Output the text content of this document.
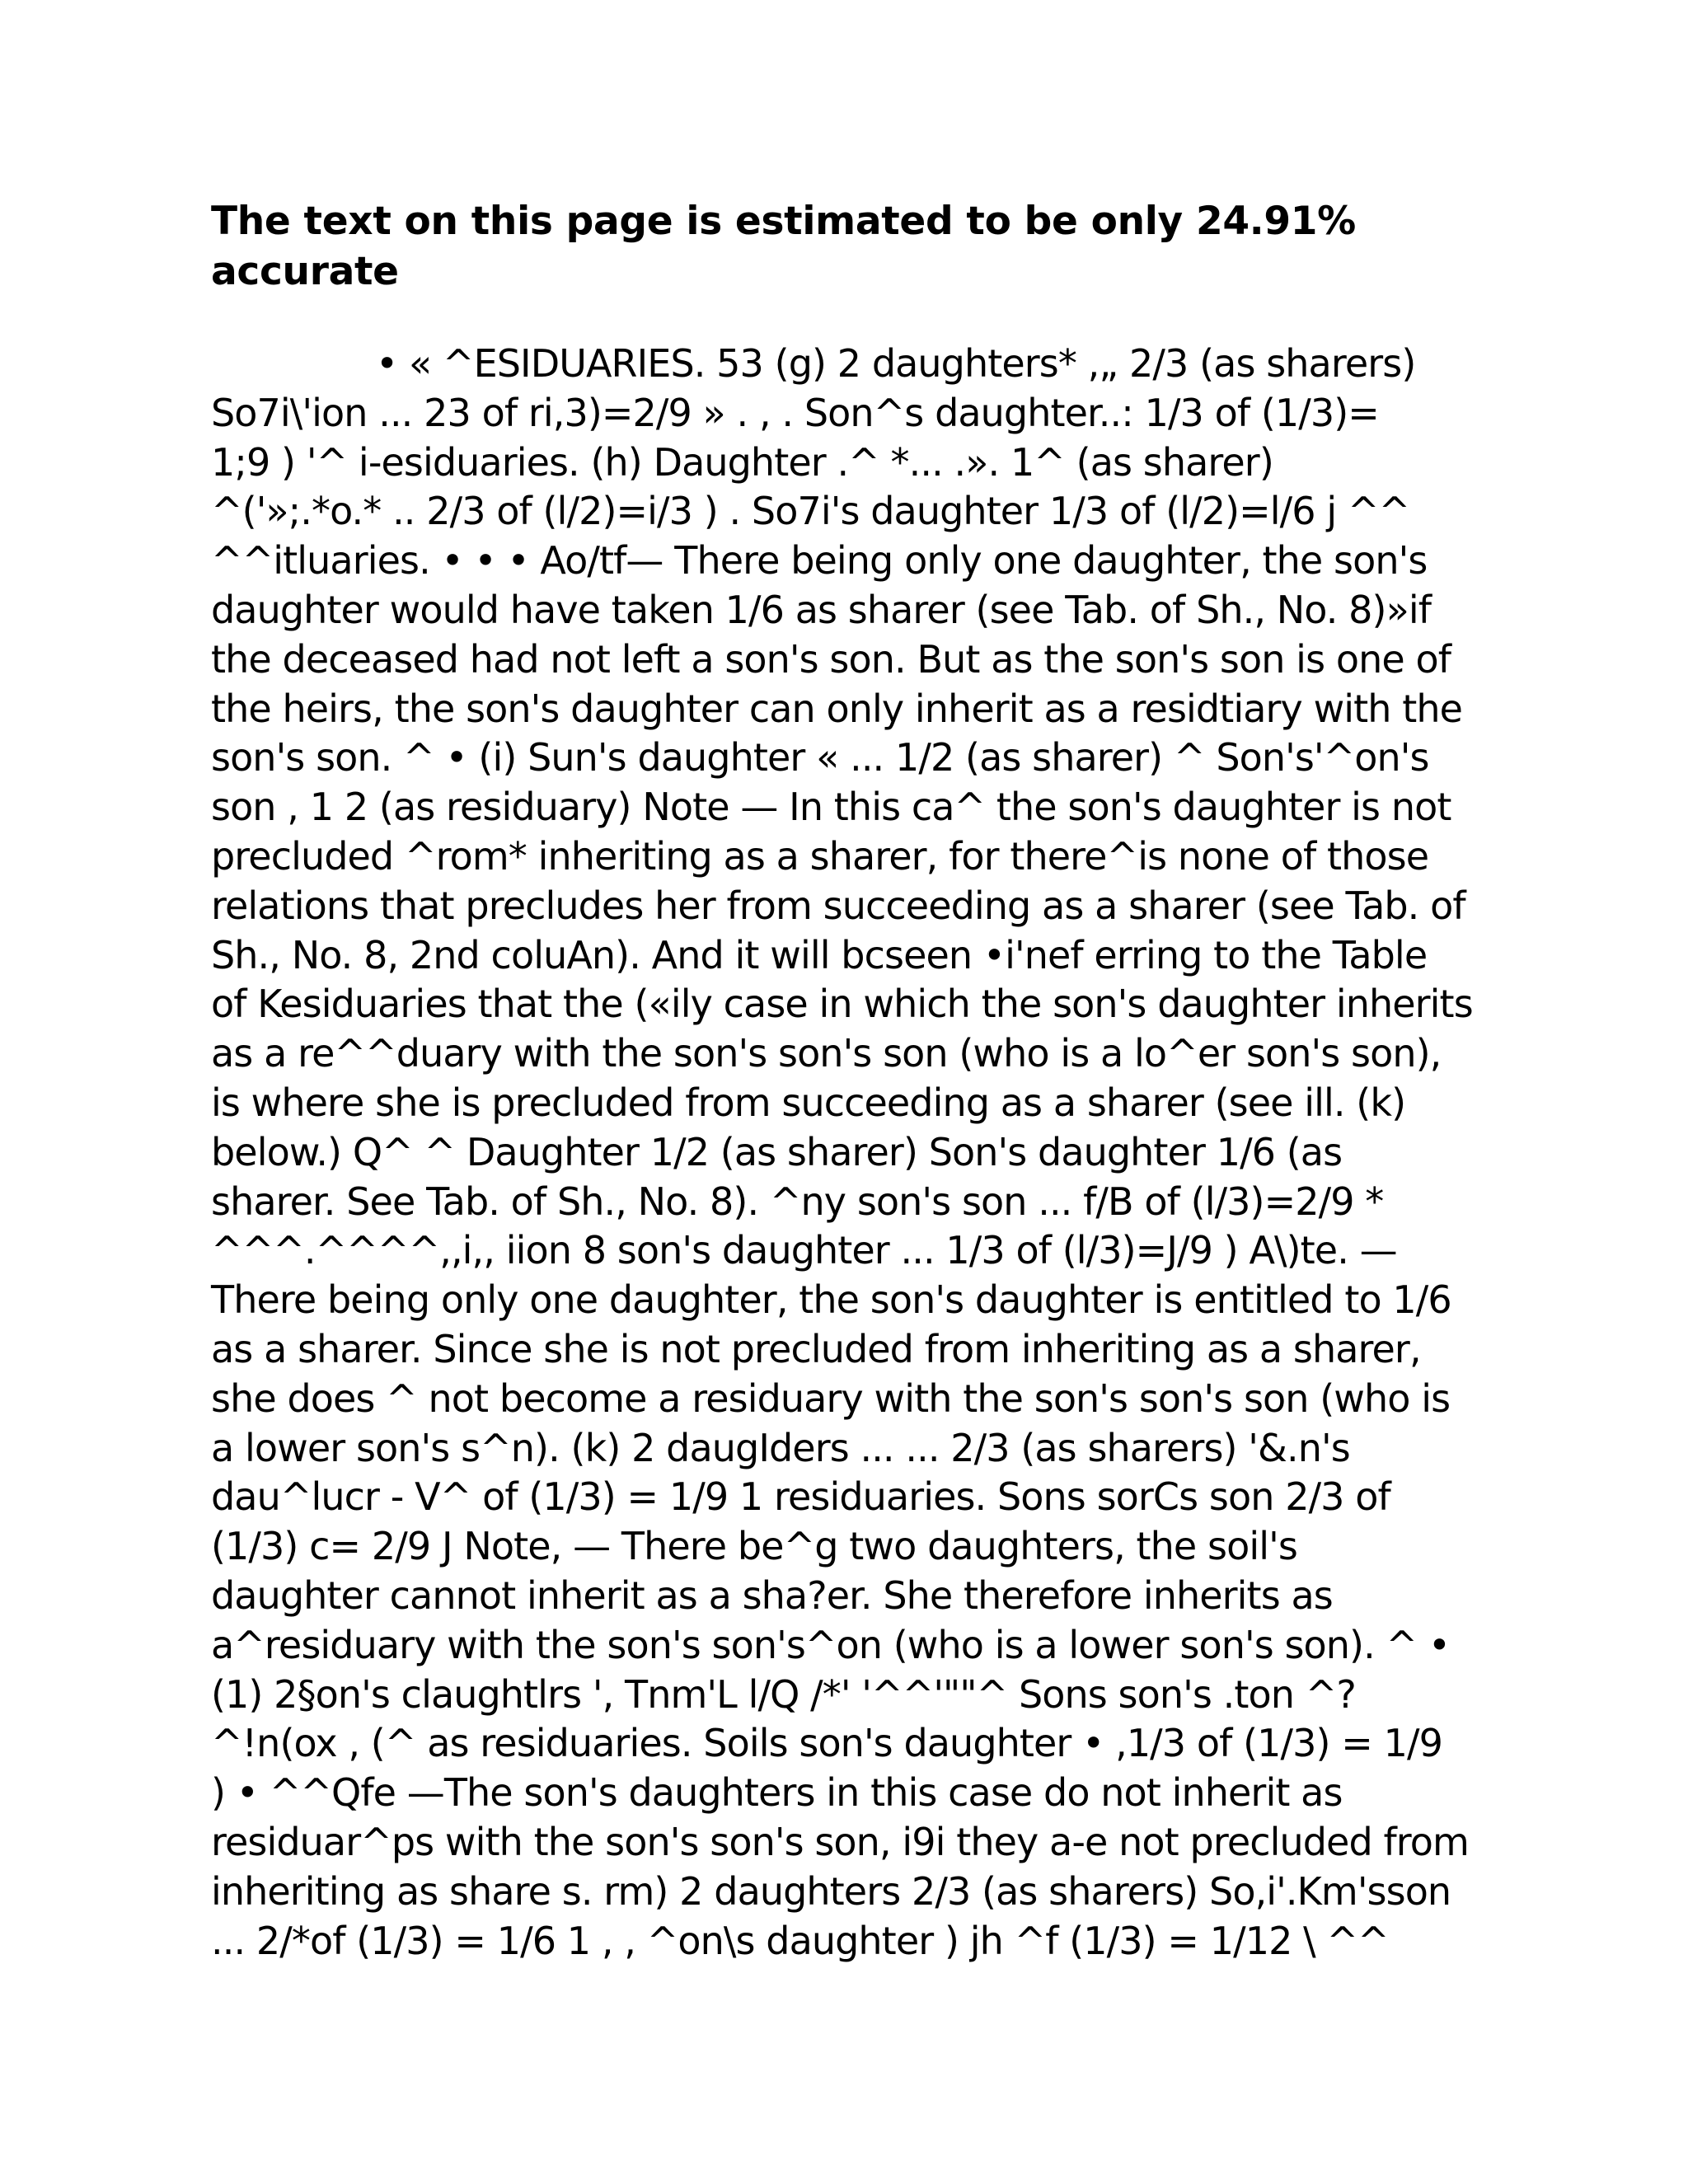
The text on this page is estimated to be only 24.91%
accurate
• « ^ESIDUARIES. 53 (g) 2 daughters* ,„ 2/3 (as sharers)
So7i\'ion ... 23 of ri,3)=2/9 » . , . Son^s daughter..: 1/3 of (1/3)=
1;9 ) '^ i-esiduaries. (h) Daughter .^ *... .». 1^ (as sharer)
^('»;.*o.* .. 2/3 of (l/2)=i/3 ) . So7i's daughter 1/3 of (l/2)=l/6 j ^^
^^itluaries. • • • Ao/tf— There being only one daughter, the son's
daughter would have taken 1/6 as sharer (see Tab. of Sh., No. 8)»if
the deceased had not left a son's son. But as the son's son is one of
the heirs, the son's daughter can only inherit as a residtiary with the
son's son. ^ • (i) Sun's daughter « ... 1/2 (as sharer) ^ Son's'^on's
son , 1 2 (as residuary) Note — In this ca^ the son's daughter is not
precluded ^rom* inheriting as a sharer, for there^is none of those
relations that precludes her from succeeding as a sharer (see Tab. of
Sh., No. 8, 2nd coluAn). And it will bcseen •i'nef erring to the Table
of Kesiduaries that the («ily case in which the son's daughter inherits
as a re^^duary with the son's son's son (who is a lo^er son's son),
is where she is precluded from succeeding as a sharer (see ill. (k)
below.) Q^ ^ Daughter 1/2 (as sharer) Son's daughter 1/6 (as
sharer. See Tab. of Sh., No. 8). ^ny son's son ... f/B of (l/3)=2/9 *
^^^.^^^^,,i,, iion 8 son's daughter ... 1/3 of (l/3)=J/9 ) A\)te. —
There being only one daughter, the son's daughter is entitled to 1/6
as a sharer. Since she is not precluded from inheriting as a sharer,
she does ^ not become a residuary with the son's son's son (who is
a lower son's s^n). (k) 2 daugIders ... ... 2/3 (as sharers) '&.n's
dau^lucr - V^ of (1/3) = 1/9 1 residuaries. Sons sorCs son 2/3 of
(1/3) c= 2/9 J Note, — There be^g two daughters, the soil's
daughter cannot inherit as a sha?er. She therefore inherits as
a^residuary with the son's son's^on (who is a lower son's son). ^ •
(1) 2§on's claughtlrs ', Tnm'L l/Q /*' '^^'""^ Sons son's .ton ^?
^!n(ox , (^ as residuaries. Soils son's daughter • ,1/3 of (1/3) = 1/9
) • ^^Qfe —The son's daughters in this case do not inherit as
residuar^ps with the son's son's son, i9i they a-e not precluded from
inheriting as share s. rm) 2 daughters 2/3 (as sharers) So,i'.Km'sson
... 2/*of (1/3) = 1/6 1 , , ^on\s daughter ) jh ^f (1/3) = 1/12 \ ^^
